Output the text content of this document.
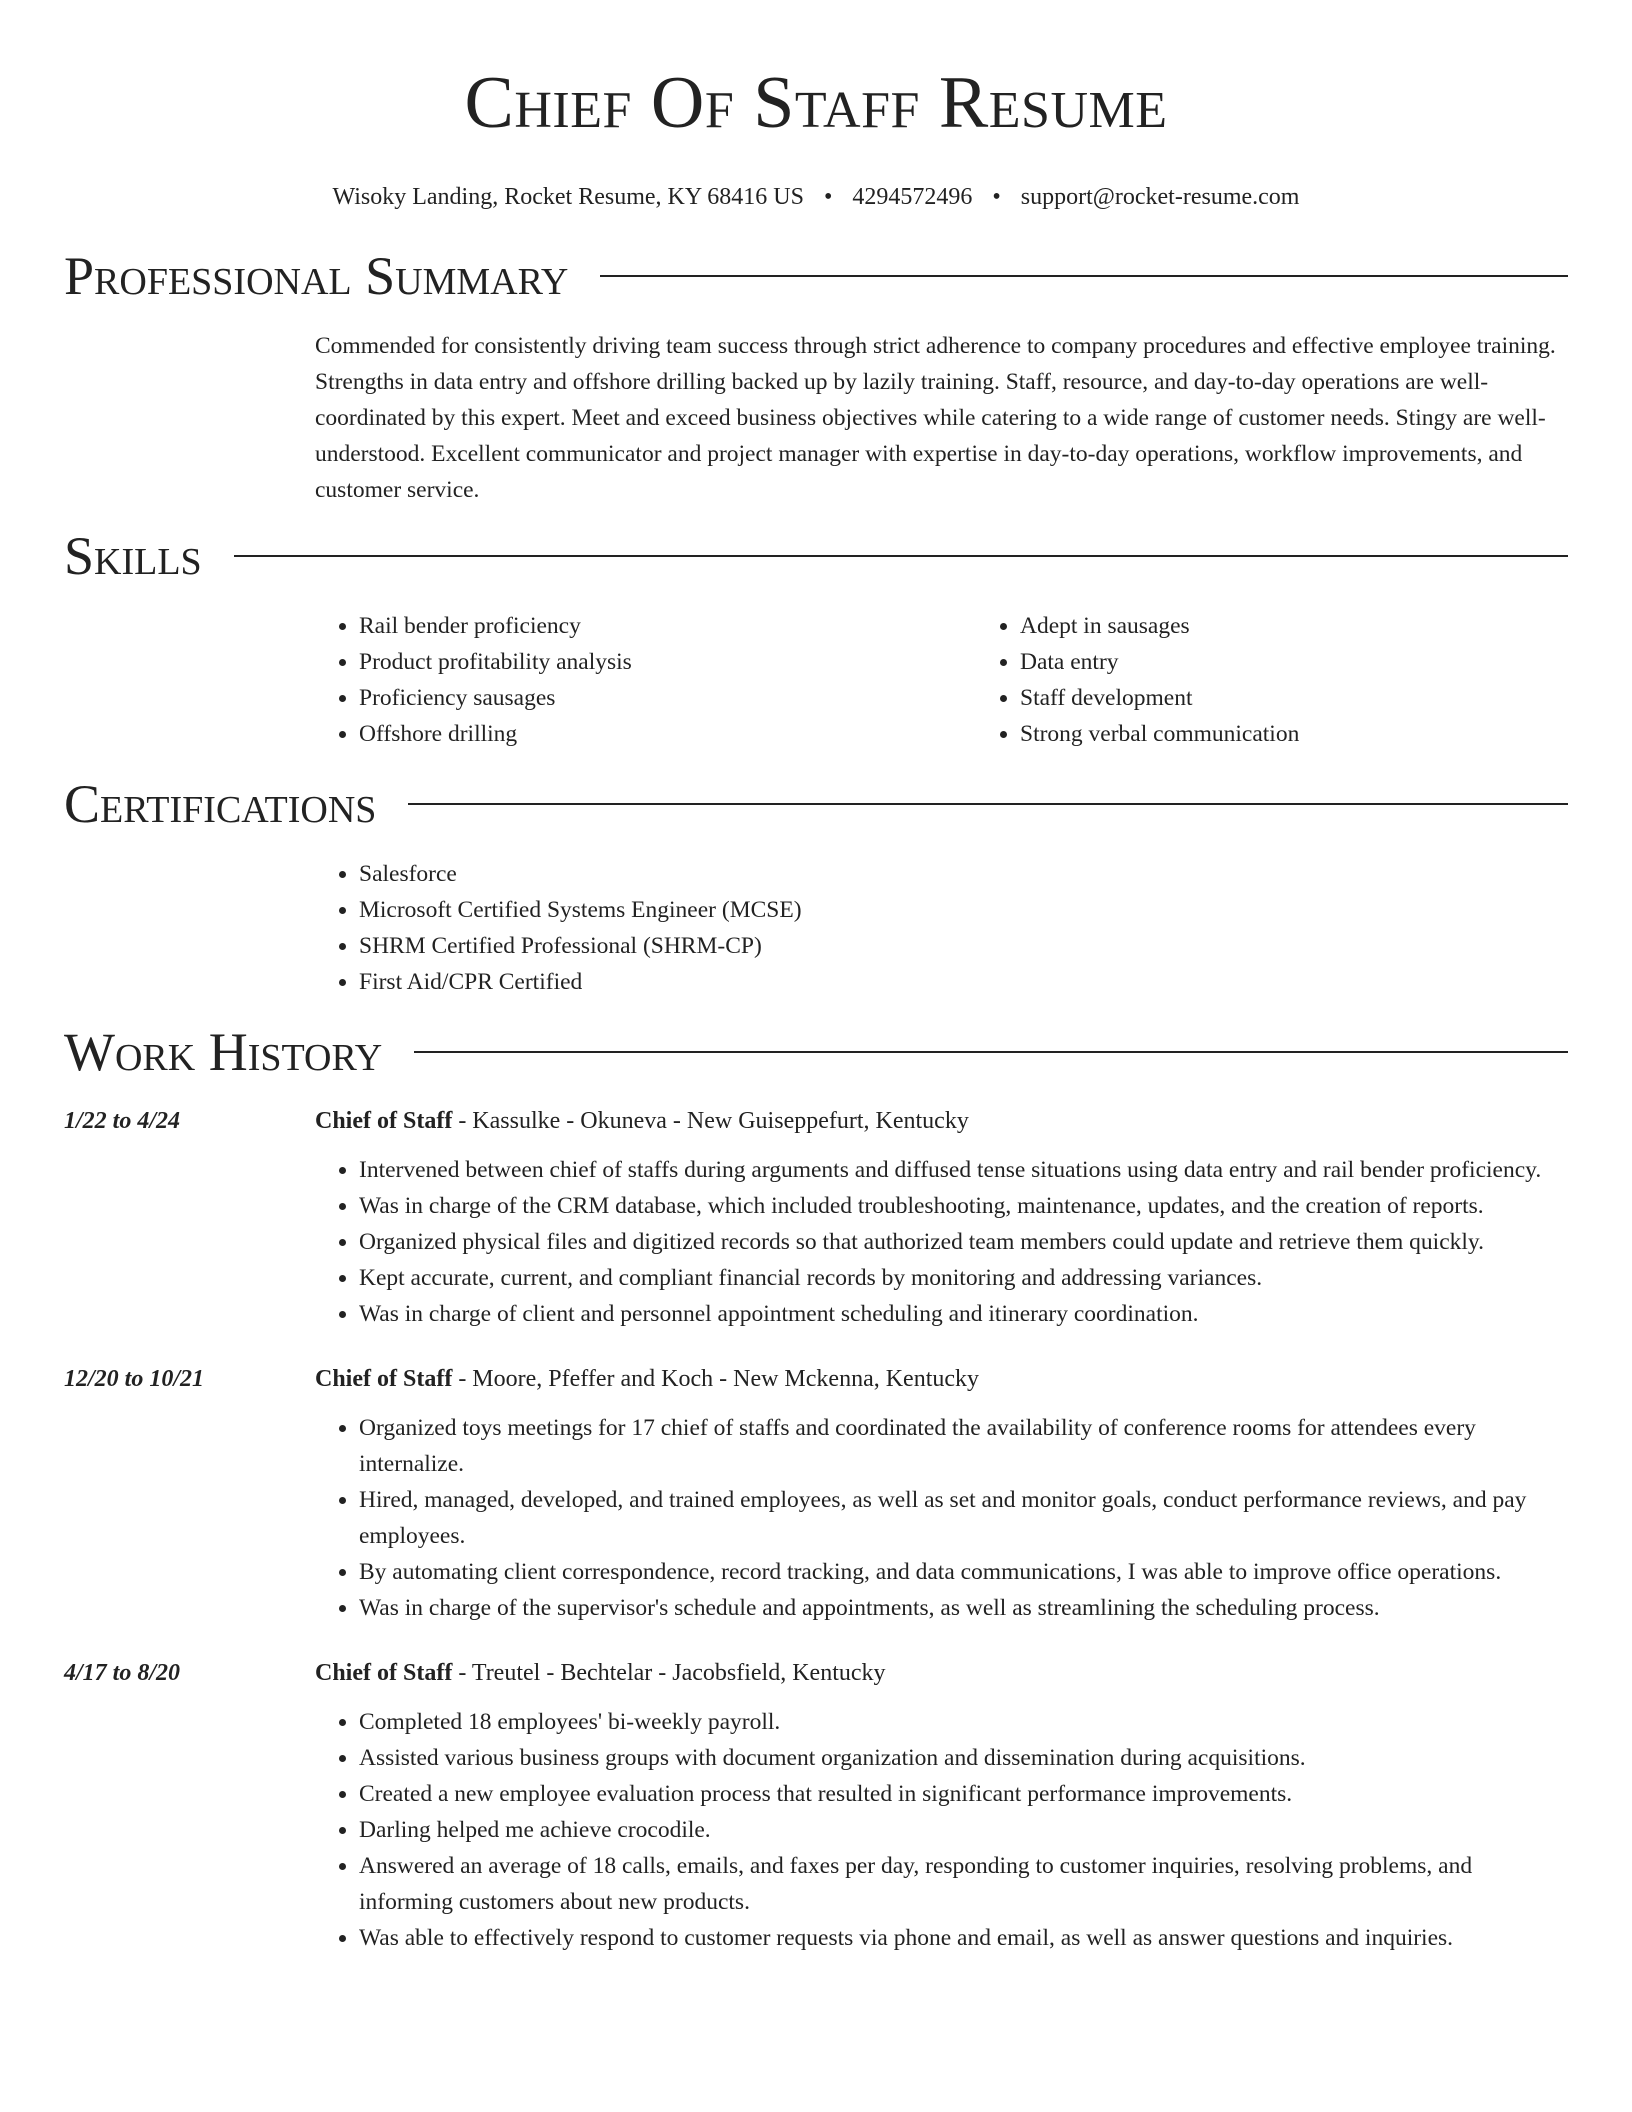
Chief Of Staff Resume
Wisoky Landing, Rocket Resume, KY 68416 US • 4294572496 • support@rocket-resume.com
Professional Summary

Commended for consistently driving team success through strict adherence to company procedures and effective employee training. Strengths in data entry and offshore drilling backed up by lazily training. Staff, resource, and day-to-day operations are well-coordinated by this expert. Meet and exceed business objectives while catering to a wide range of customer needs. Stingy are well-understood. Excellent communicator and project manager with expertise in day-to-day operations, workflow improvements, and customer service.

Skills
• Rail bender proficiency
• Product profitability analysis
• Proficiency sausages
• Offshore drilling
• Adept in sausages
• Data entry
• Staff development
• Strong verbal communication
Certifications
• Salesforce
• Microsoft Certified Systems Engineer (MCSE)
• SHRM Certified Professional (SHRM-CP)
• First Aid/CPR Certified
Work History
1/22 to 4/24	Chief of Staff - Kassulke - Okuneva - New Guiseppefurt, Kentucky
• Intervened between chief of staffs during arguments and diffused tense situations using data entry and rail bender proficiency.
• Was in charge of the CRM database, which included troubleshooting, maintenance, updates, and the creation of reports.
• Organized physical files and digitized records so that authorized team members could update and retrieve them quickly.
• Kept accurate, current, and compliant financial records by monitoring and addressing variances.
• Was in charge of client and personnel appointment scheduling and itinerary coordination.
12/20 to 10/21	Chief of Staff - Moore, Pfeffer and Koch - New Mckenna, Kentucky
• Organized toys meetings for 17 chief of staffs and coordinated the availability of conference rooms for attendees every internalize.
• Hired, managed, developed, and trained employees, as well as set and monitor goals, conduct performance reviews, and pay employees.
• By automating client correspondence, record tracking, and data communications, I was able to improve office operations.
• Was in charge of the supervisor's schedule and appointments, as well as streamlining the scheduling process.
4/17 to 8/20	Chief of Staff - Treutel - Bechtelar - Jacobsfield, Kentucky
• Completed 18 employees' bi-weekly payroll.
• Assisted various business groups with document organization and dissemination during acquisitions.
• Created a new employee evaluation process that resulted in significant performance improvements.
• Darling helped me achieve crocodile.
• Answered an average of 18 calls, emails, and faxes per day, responding to customer inquiries, resolving problems, and informing customers about new products.
• Was able to effectively respond to customer requests via phone and email, as well as answer questions and inquiries.
